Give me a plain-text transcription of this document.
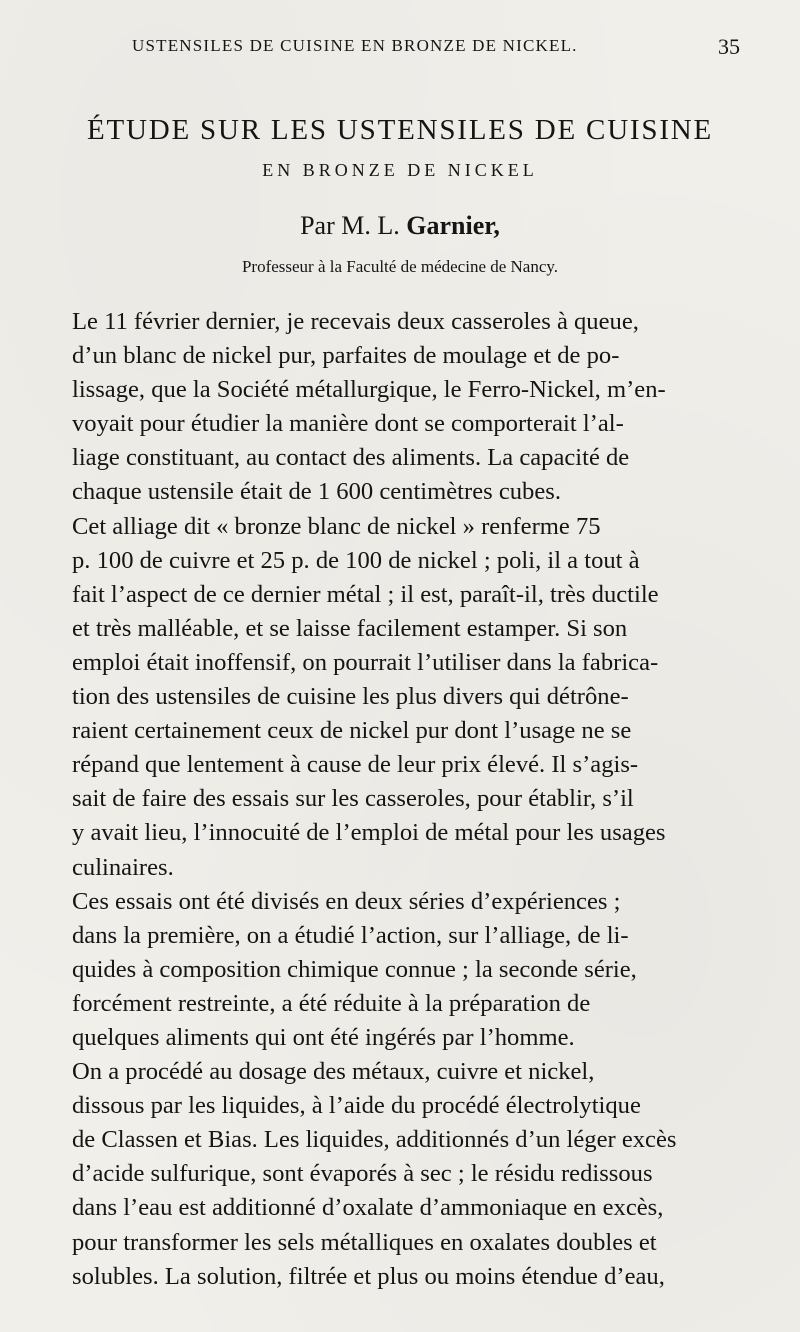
USTENSILES DE CUISINE EN BRONZE DE NICKEL.	35
ÉTUDE SUR LES USTENSILES DE CUISINE
EN BRONZE DE NICKEL
Par M. L. Garnier,
Professeur à la Faculté de médecine de Nancy.

Le 11 février dernier, je recevais deux casseroles à queue,
d’un blanc de nickel pur, parfaites de moulage et de po-
lissage, que la Société métallurgique, le Ferro-Nickel, m’en-
voyait pour étudier la manière dont se comporterait l’al-
liage constituant, au contact des aliments. La capacité de
chaque ustensile était de 1 600 centimètres cubes.

Cet alliage dit « bronze blanc de nickel » renferme 75
p. 100 de cuivre et 25 p. de 100 de nickel ; poli, il a tout à
fait l’aspect de ce dernier métal ; il est, paraît-il, très ductile
et très malléable, et se laisse facilement estamper. Si son
emploi était inoffensif, on pourrait l’utiliser dans la fabrica-
tion des ustensiles de cuisine les plus divers qui détrône-
raient certainement ceux de nickel pur dont l’usage ne se
répand que lentement à cause de leur prix élevé. Il s’agis-
sait de faire des essais sur les casseroles, pour établir, s’il
y avait lieu, l’innocuité de l’emploi de métal pour les usages
culinaires.

Ces essais ont été divisés en deux séries d’expériences ;
dans la première, on a étudié l’action, sur l’alliage, de li-
quides à composition chimique connue ; la seconde série,
forcément restreinte, a été réduite à la préparation de
quelques aliments qui ont été ingérés par l’homme.

On a procédé au dosage des métaux, cuivre et nickel,
dissous par les liquides, à l’aide du procédé électrolytique
de Classen et Bias. Les liquides, additionnés d’un léger excès
d’acide sulfurique, sont évaporés à sec ; le résidu redissous
dans l’eau est additionné d’oxalate d’ammoniaque en excès,
pour transformer les sels métalliques en oxalates doubles et
solubles. La solution, filtrée et plus ou moins étendue d’eau,
